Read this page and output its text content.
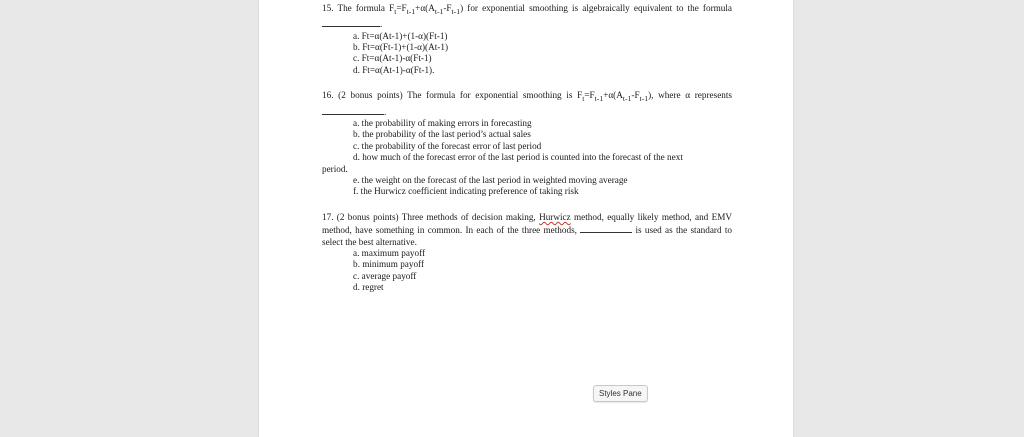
15. The formula $F_t=F_{t-1}+\alpha(A_{t-1}-F_{t-1})$ for exponential smoothing is algebraically equivalent to the formula .

a. Ft=α(At-1)+(1-α)(Ft-1)
b. Ft=α(Ft-1)+(1-α)(At-1)
c. Ft=α(At-1)-α(Ft-1)
d. Ft=α(At-1)-α(Ft-1).

16. (2 bonus points) The formula for exponential smoothing is $F_t=F_{t-1}+\alpha(A_{t-1}-F_{t-1})$, where α represents .

a. the probability of making errors in forecasting
b. the probability of the last period’s actual sales
c. the probability of the forecast error of last period
d. how much of the forecast error of the last period is counted into the forecast of the next
period.
e. the weight on the forecast of the last period in weighted moving average
f. the Hurwicz coefficient indicating preference of taking risk

17. (2 bonus points) Three methods of decision making, Hurwicz method, equally likely method, and EMV method, have something in common. In each of the three methods,	is used as the standard to select the best alternative.

a. maximum payoff
b. minimum payoff
c. average payoff
d. regret
Styles Pane
